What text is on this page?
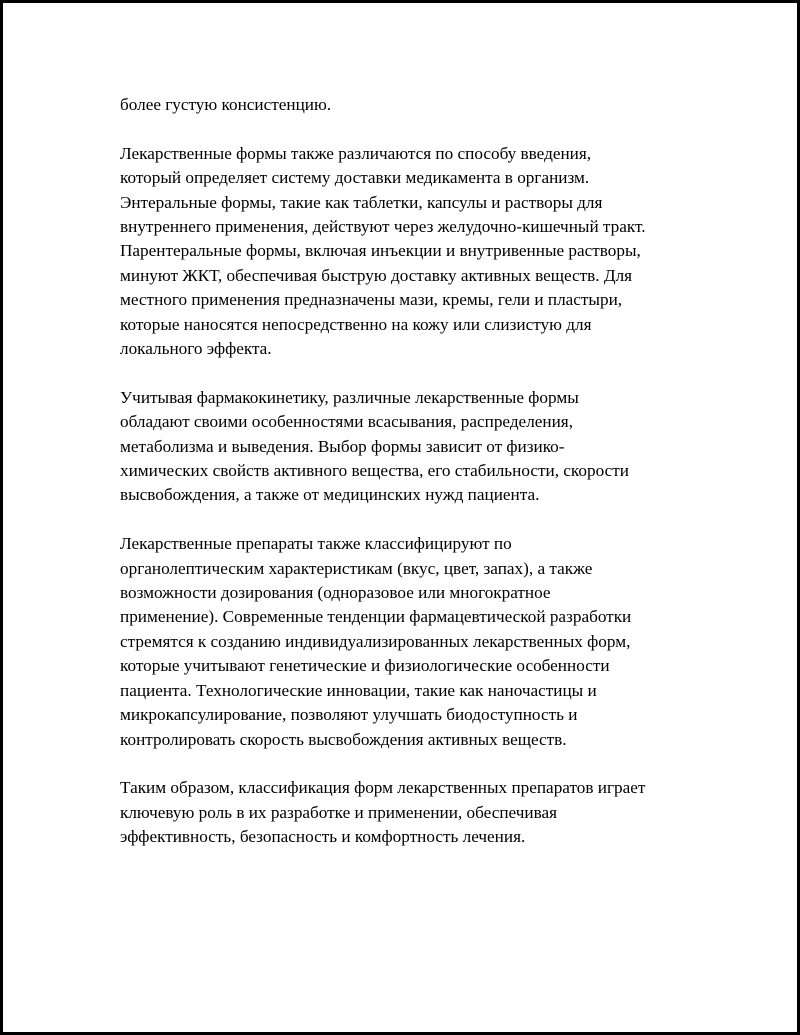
более густую консистенцию.

Лекарственные формы также различаются по способу введения,
который определяет систему доставки медикамента в организм.
Энтеральные формы, такие как таблетки, капсулы и растворы для
внутреннего применения, действуют через желудочно-кишечный тракт.
Парентеральные формы, включая инъекции и внутривенные растворы,
минуют ЖКТ, обеспечивая быструю доставку активных веществ. Для
местного применения предназначены мази, кремы, гели и пластыри,
которые наносятся непосредственно на кожу или слизистую для
локального эффекта.

Учитывая фармакокинетику, различные лекарственные формы
обладают своими особенностями всасывания, распределения,
метаболизма и выведения. Выбор формы зависит от физико-
химических свойств активного вещества, его стабильности, скорости
высвобождения, а также от медицинских нужд пациента.

Лекарственные препараты также классифицируют по
органолептическим характеристикам (вкус, цвет, запах), а также
возможности дозирования (одноразовое или многократное
применение). Современные тенденции фармацевтической разработки
стремятся к созданию индивидуализированных лекарственных форм,
которые учитывают генетические и физиологические особенности
пациента. Технологические инновации, такие как наночастицы и
микрокапсулирование, позволяют улучшать биодоступность и
контролировать скорость высвобождения активных веществ.

Таким образом, классификация форм лекарственных препаратов играет
ключевую роль в их разработке и применении, обеспечивая
эффективность, безопасность и комфортность лечения.
